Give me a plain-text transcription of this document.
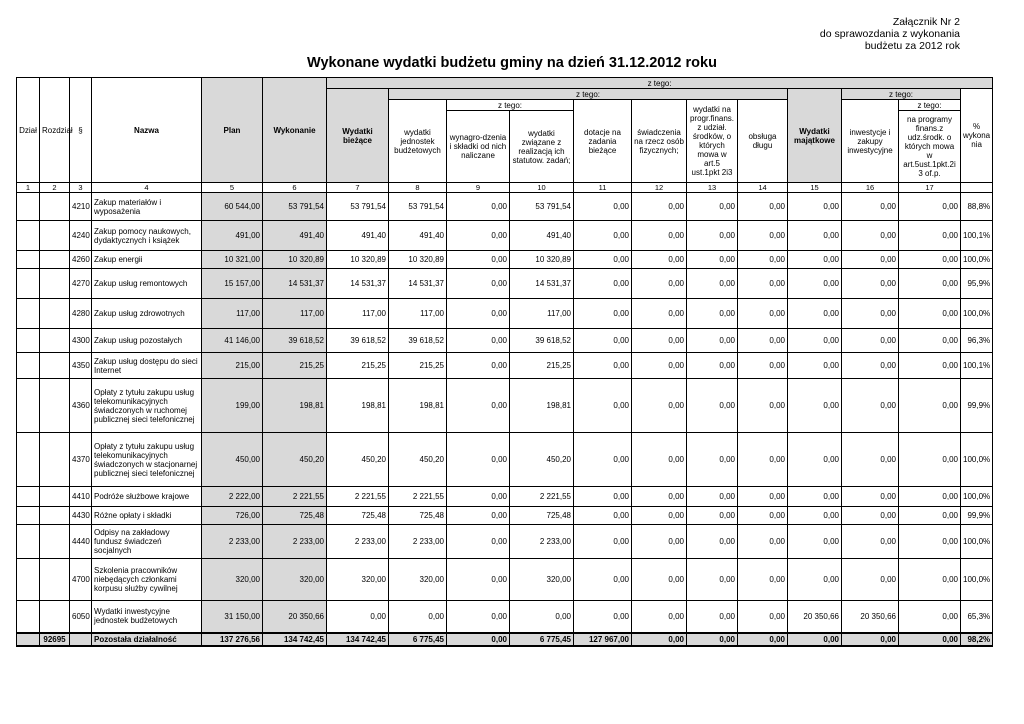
Załącznik Nr 2
do sprawozdania z wykonania
budżetu za 2012 rok
Wykonane wydatki budżetu gminy na dzień 31.12.2012 roku
Dział	Rozdział	§	Nazwa	Plan	Wykonanie	z tego:											
						Wydatki bieżące	z tego:							Wydatki majątkowe	z tego:		% wykona nia
							wydatki jednostek budżetowych	z tego:		dotacje na zadania bieżące	świadczenia na rzecz osób fizycznych;	wydatki na progr.finans. z udział. środków, o których mowa w art.5 ust.1pkt 2i3	obsługa długu		inwestycje i zakupy inwestycyjne	z tego:	
								wynagro-dzenia i składki od nich naliczane	wydatki związane z realizacją ich statutow. zadań;							na programy finans.z udz.środk. o których mowa w art.5ust.1pkt.2i 3 of.p.	
1	2	3	4	5	6	7	8	9	10	11	12	13	14	15	16	17	
		4210	Zakup materiałów i wyposażenia	60 544,00	53 791,54	53 791,54	53 791,54	0,00	53 791,54	0,00	0,00	0,00	0,00	0,00	0,00	0,00	88,8%
		4240	Zakup pomocy naukowych, dydaktycznych i książek	491,00	491,40	491,40	491,40	0,00	491,40	0,00	0,00	0,00	0,00	0,00	0,00	0,00	100,1%
		4260	Zakup energii	10 321,00	10 320,89	10 320,89	10 320,89	0,00	10 320,89	0,00	0,00	0,00	0,00	0,00	0,00	0,00	100,0%
		4270	Zakup usług remontowych	15 157,00	14 531,37	14 531,37	14 531,37	0,00	14 531,37	0,00	0,00	0,00	0,00	0,00	0,00	0,00	95,9%
		4280	Zakup usług zdrowotnych	117,00	117,00	117,00	117,00	0,00	117,00	0,00	0,00	0,00	0,00	0,00	0,00	0,00	100,0%
		4300	Zakup usług pozostałych	41 146,00	39 618,52	39 618,52	39 618,52	0,00	39 618,52	0,00	0,00	0,00	0,00	0,00	0,00	0,00	96,3%
		4350	Zakup usług dostępu do sieci Internet	215,00	215,25	215,25	215,25	0,00	215,25	0,00	0,00	0,00	0,00	0,00	0,00	0,00	100,1%
		4360	Opłaty z tytułu zakupu usług telekomunikacyjnych świadczonych w ruchomej publicznej sieci telefonicznej	199,00	198,81	198,81	198,81	0,00	198,81	0,00	0,00	0,00	0,00	0,00	0,00	0,00	99,9%
		4370	Opłaty z tytułu zakupu usług telekomunikacyjnych świadczonych w stacjonarnej publicznej sieci telefonicznej	450,00	450,20	450,20	450,20	0,00	450,20	0,00	0,00	0,00	0,00	0,00	0,00	0,00	100,0%
		4410	Podróże służbowe krajowe	2 222,00	2 221,55	2 221,55	2 221,55	0,00	2 221,55	0,00	0,00	0,00	0,00	0,00	0,00	0,00	100,0%
		4430	Różne opłaty i składki	726,00	725,48	725,48	725,48	0,00	725,48	0,00	0,00	0,00	0,00	0,00	0,00	0,00	99,9%
		4440	Odpisy na zakładowy fundusz świadczeń socjalnych	2 233,00	2 233,00	2 233,00	2 233,00	0,00	2 233,00	0,00	0,00	0,00	0,00	0,00	0,00	0,00	100,0%
		4700	Szkolenia pracowników niebędących członkami korpusu służby cywilnej	320,00	320,00	320,00	320,00	0,00	320,00	0,00	0,00	0,00	0,00	0,00	0,00	0,00	100,0%
		6050	Wydatki inwestycyjne jednostek budżetowych	31 150,00	20 350,66	0,00	0,00	0,00	0,00	0,00	0,00	0,00	0,00	20 350,66	20 350,66	0,00	65,3%
	92695		Pozostała działalność	137 276,56	134 742,45	134 742,45	6 775,45	0,00	6 775,45	127 967,00	0,00	0,00	0,00	0,00	0,00	0,00	98,2%
